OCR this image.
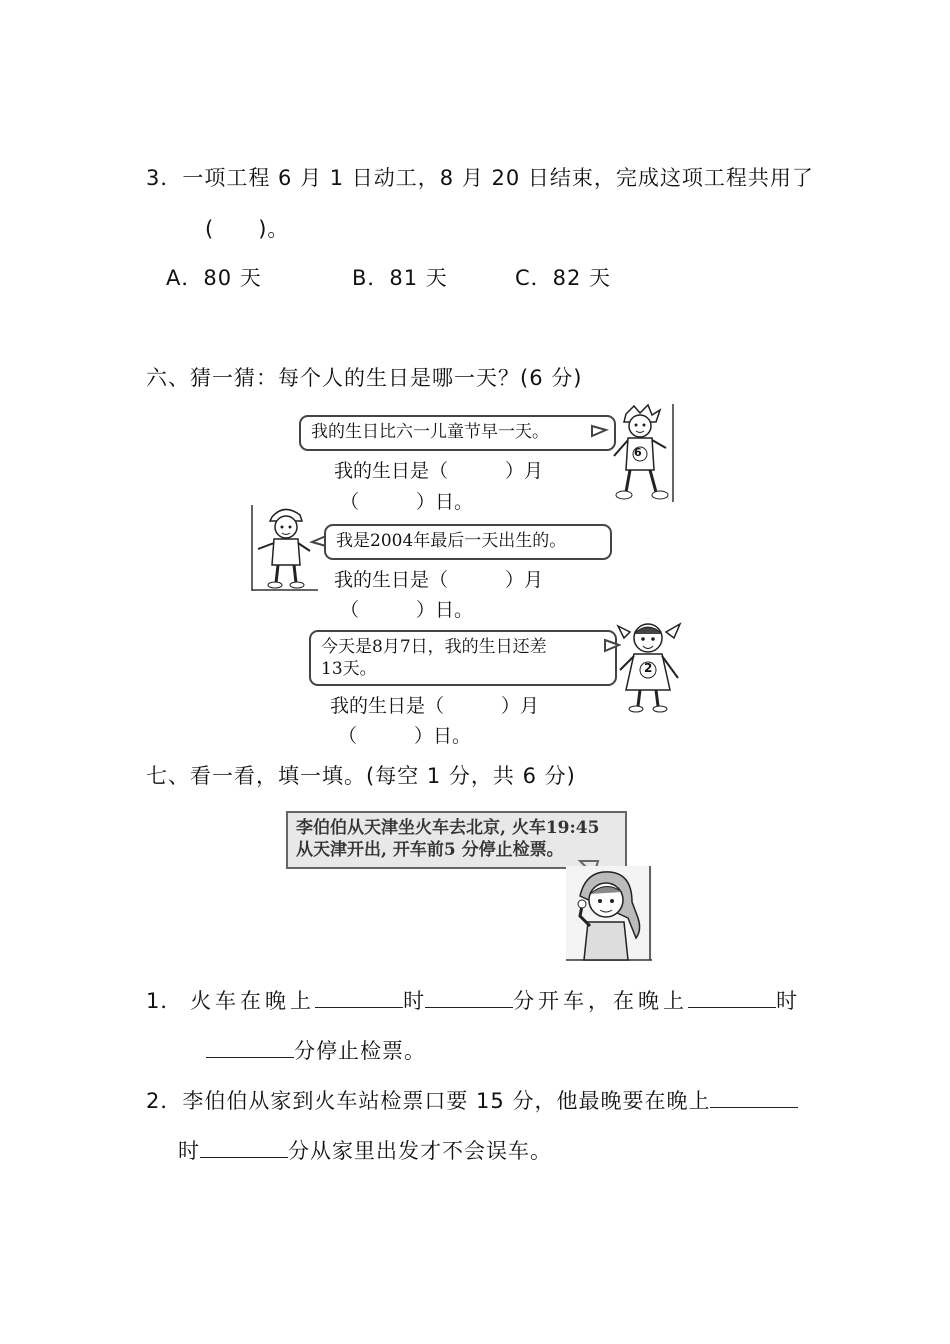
3．一项工程 6 月 1 日动工，8 月 20 日结束，完成这项工程共用了
(　　)。
A．80 天	B．81 天	C．82 天
六、猜一猜：每个人的生日是哪一天？(6 分)
我的生日比六一儿童节早一天。
我的生日是（　　　）月
（　　　）日。
6
我是2004年最后一天出生的。
我的生日是（　　　）月
（　　　）日。
今天是8月7日，我的生日还差
13天。
我的生日是（　　　）月
（　　　）日。
2
七、看一看，填一填。(每空 1 分，共 6 分)
李伯伯从天津坐火车去北京, 火车19:45
从天津开出, 开车前5 分停止检票。
1． 火车在晚上	时	分开车，在晚上	时
分停止检票。
2．李伯伯从家到火车站检票口要 15 分，他最晚要在晚上
时	分从家里出发才不会误车。
